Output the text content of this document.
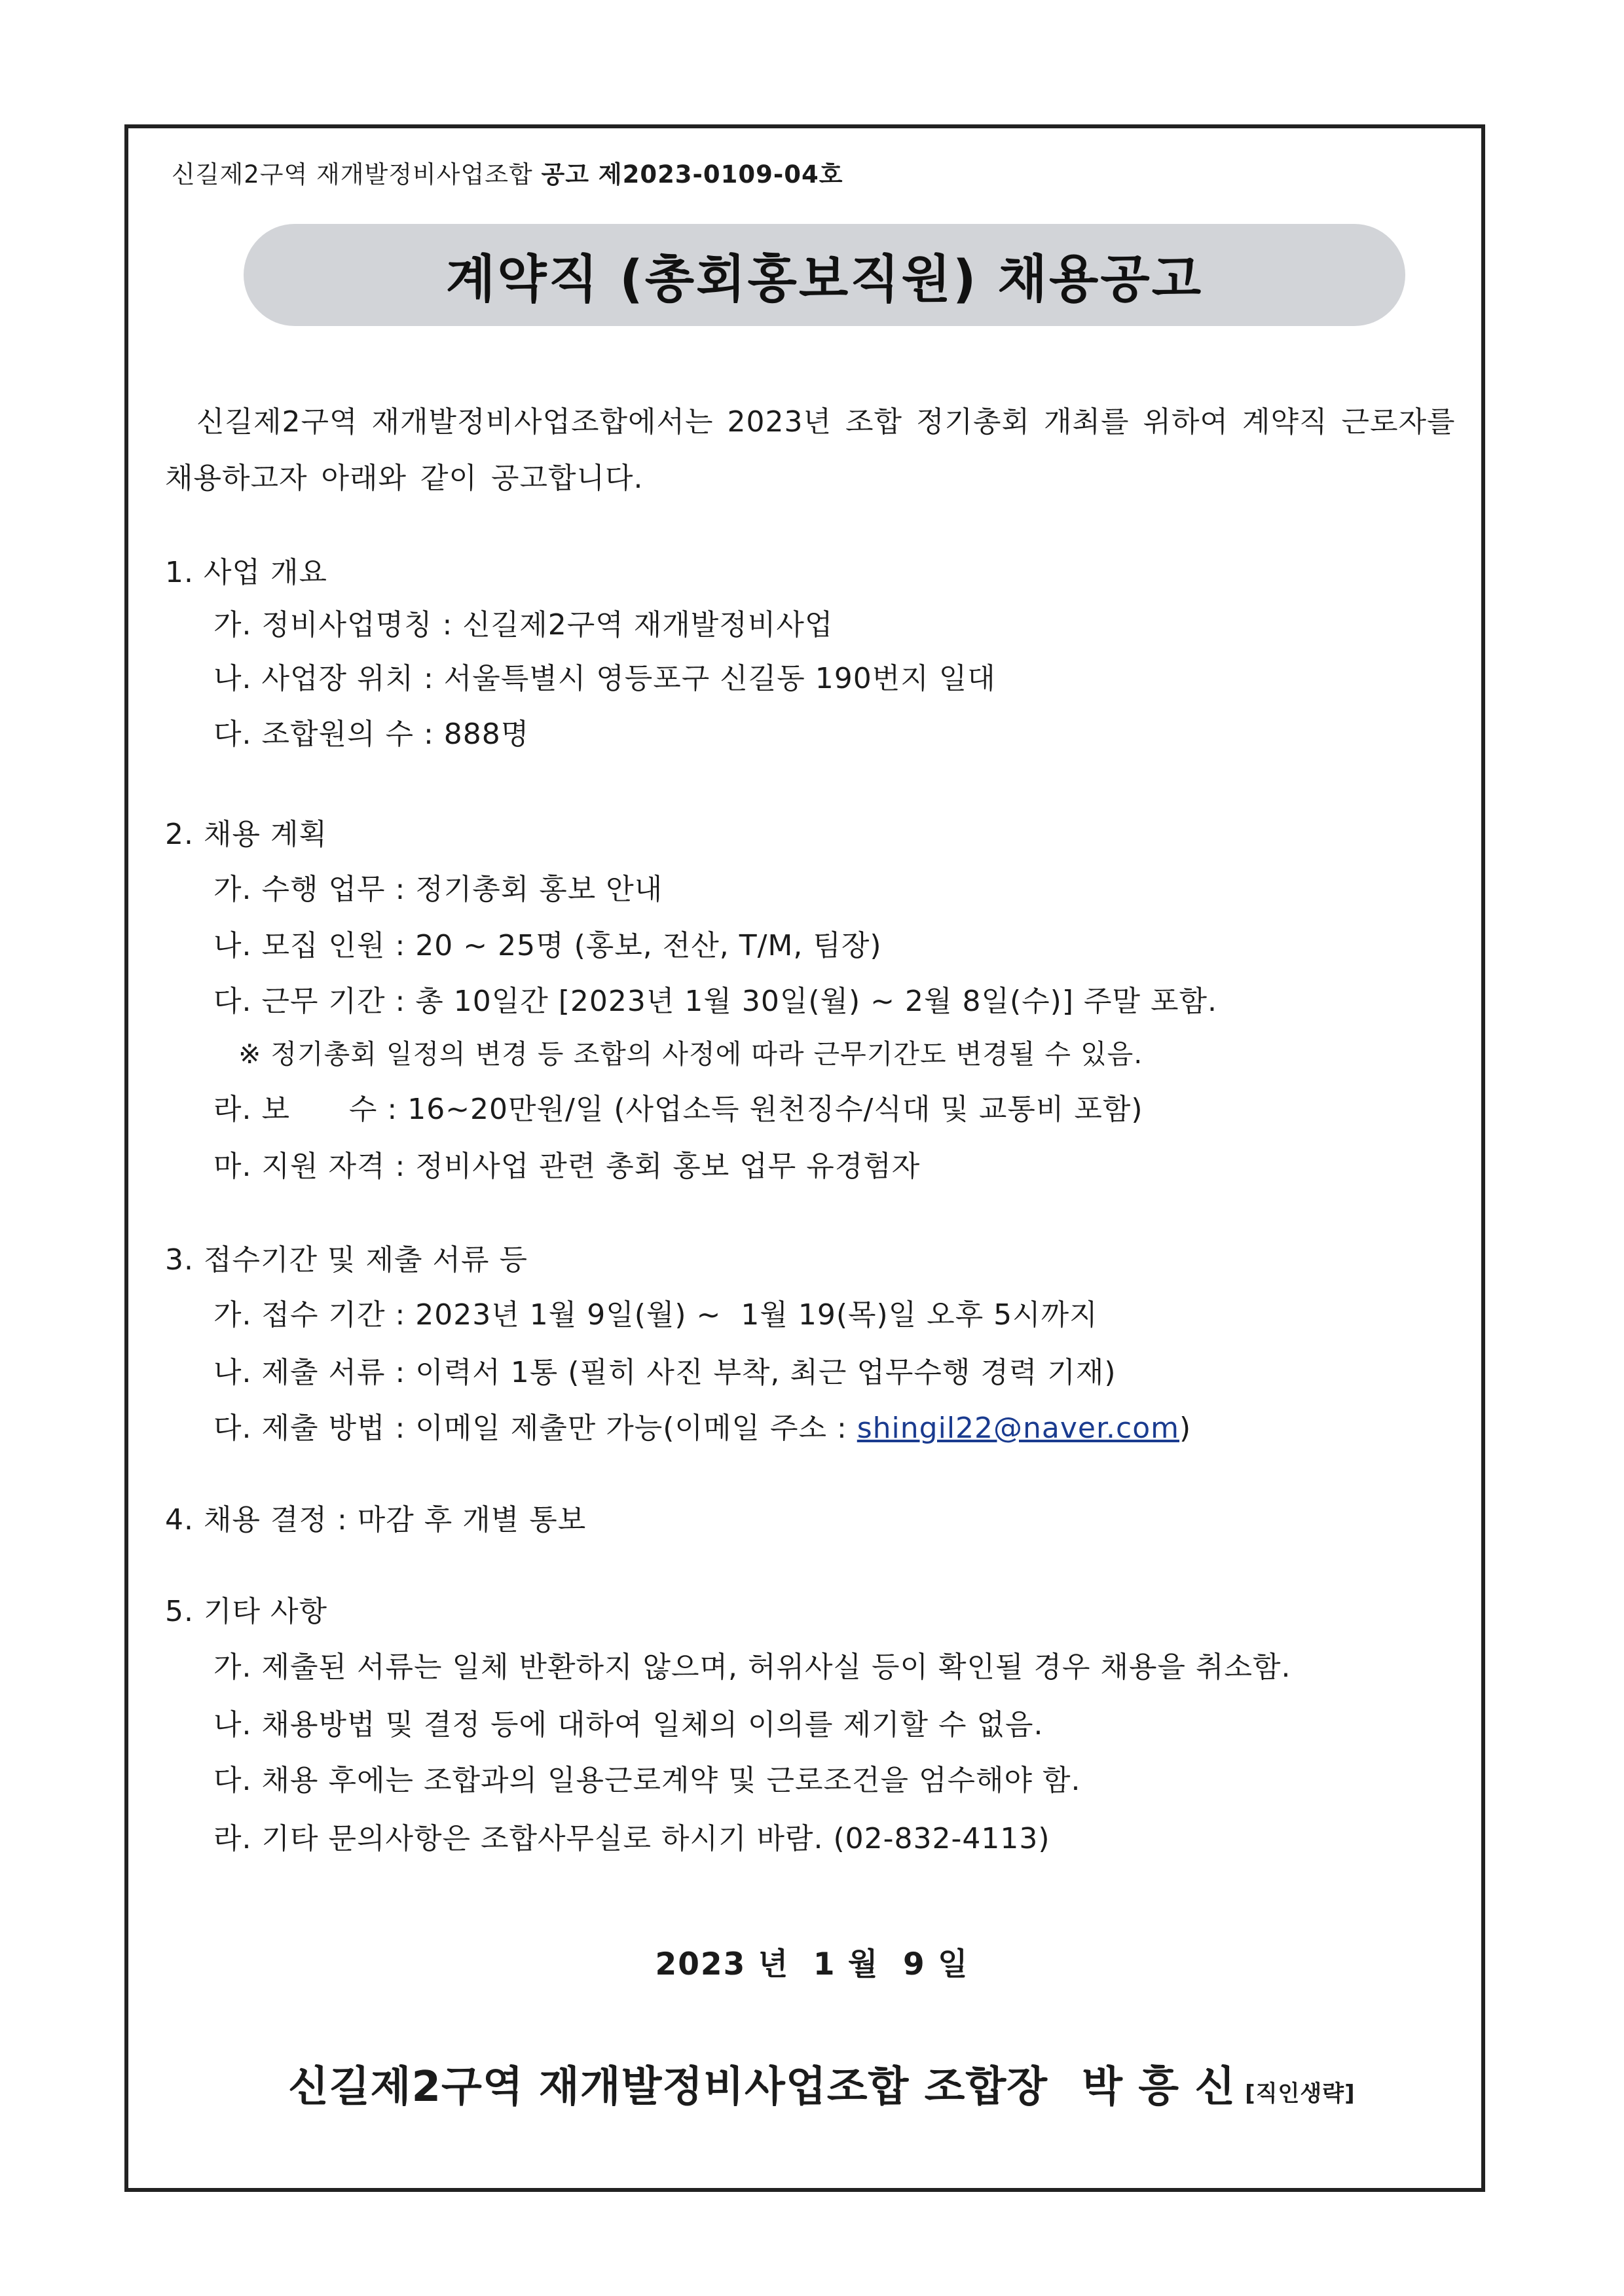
신길제2구역 재개발정비사업조합 공고 제2023-0109-04호
계약직 (총회홍보직원) 채용공고
신길제2구역 재개발정비사업조합에서는 2023년 조합 정기총회 개최를 위하여 계약직 근로자를 채용하고자 아래와 같이 공고합니다.
1. 사업 개요
가. 정비사업명칭 : 신길제2구역 재개발정비사업
나. 사업장 위치 : 서울특별시 영등포구 신길동 190번지 일대
다. 조합원의 수 : 888명
2. 채용 계획
가. 수행 업무 : 정기총회 홍보 안내
나. 모집 인원 : 20 ~ 25명 (홍보, 전산, T/M, 팀장)
다. 근무 기간 : 총 10일간 [2023년 1월 30일(월) ~ 2월 8일(수)] 주말 포함.
※ 정기총회 일정의 변경 등 조합의 사정에 따라 근무기간도 변경될 수 있음.
라. 보      수 : 16~20만원/일 (사업소득 원천징수/식대 및 교통비 포함)
마. 지원 자격 : 정비사업 관련 총회 홍보 업무 유경험자
3. 접수기간 및 제출 서류 등
가. 접수 기간 : 2023년 1월 9일(월) ~  1월 19(목)일 오후 5시까지
나. 제출 서류 : 이력서 1통 (필히 사진 부착, 최근 업무수행 경력 기재)
다. 제출 방법 : 이메일 제출만 가능(이메일 주소 : shingil22@naver.com)
4. 채용 결정 : 마감 후 개별 통보
5. 기타 사항
가. 제출된 서류는 일체 반환하지 않으며, 허위사실 등이 확인될 경우 채용을 취소함.
나. 채용방법 및 결정 등에 대하여 일체의 이의를 제기할 수 없음.
다. 채용 후에는 조합과의 일용근로계약 및 근로조건을 엄수해야 함.
라. 기타 문의사항은 조합사무실로 하시기 바람. (02-832-4113)
2023 년  1 월  9 일
신길제2구역 재개발정비사업조합 조합장 박 흥 신 [직인생략]
